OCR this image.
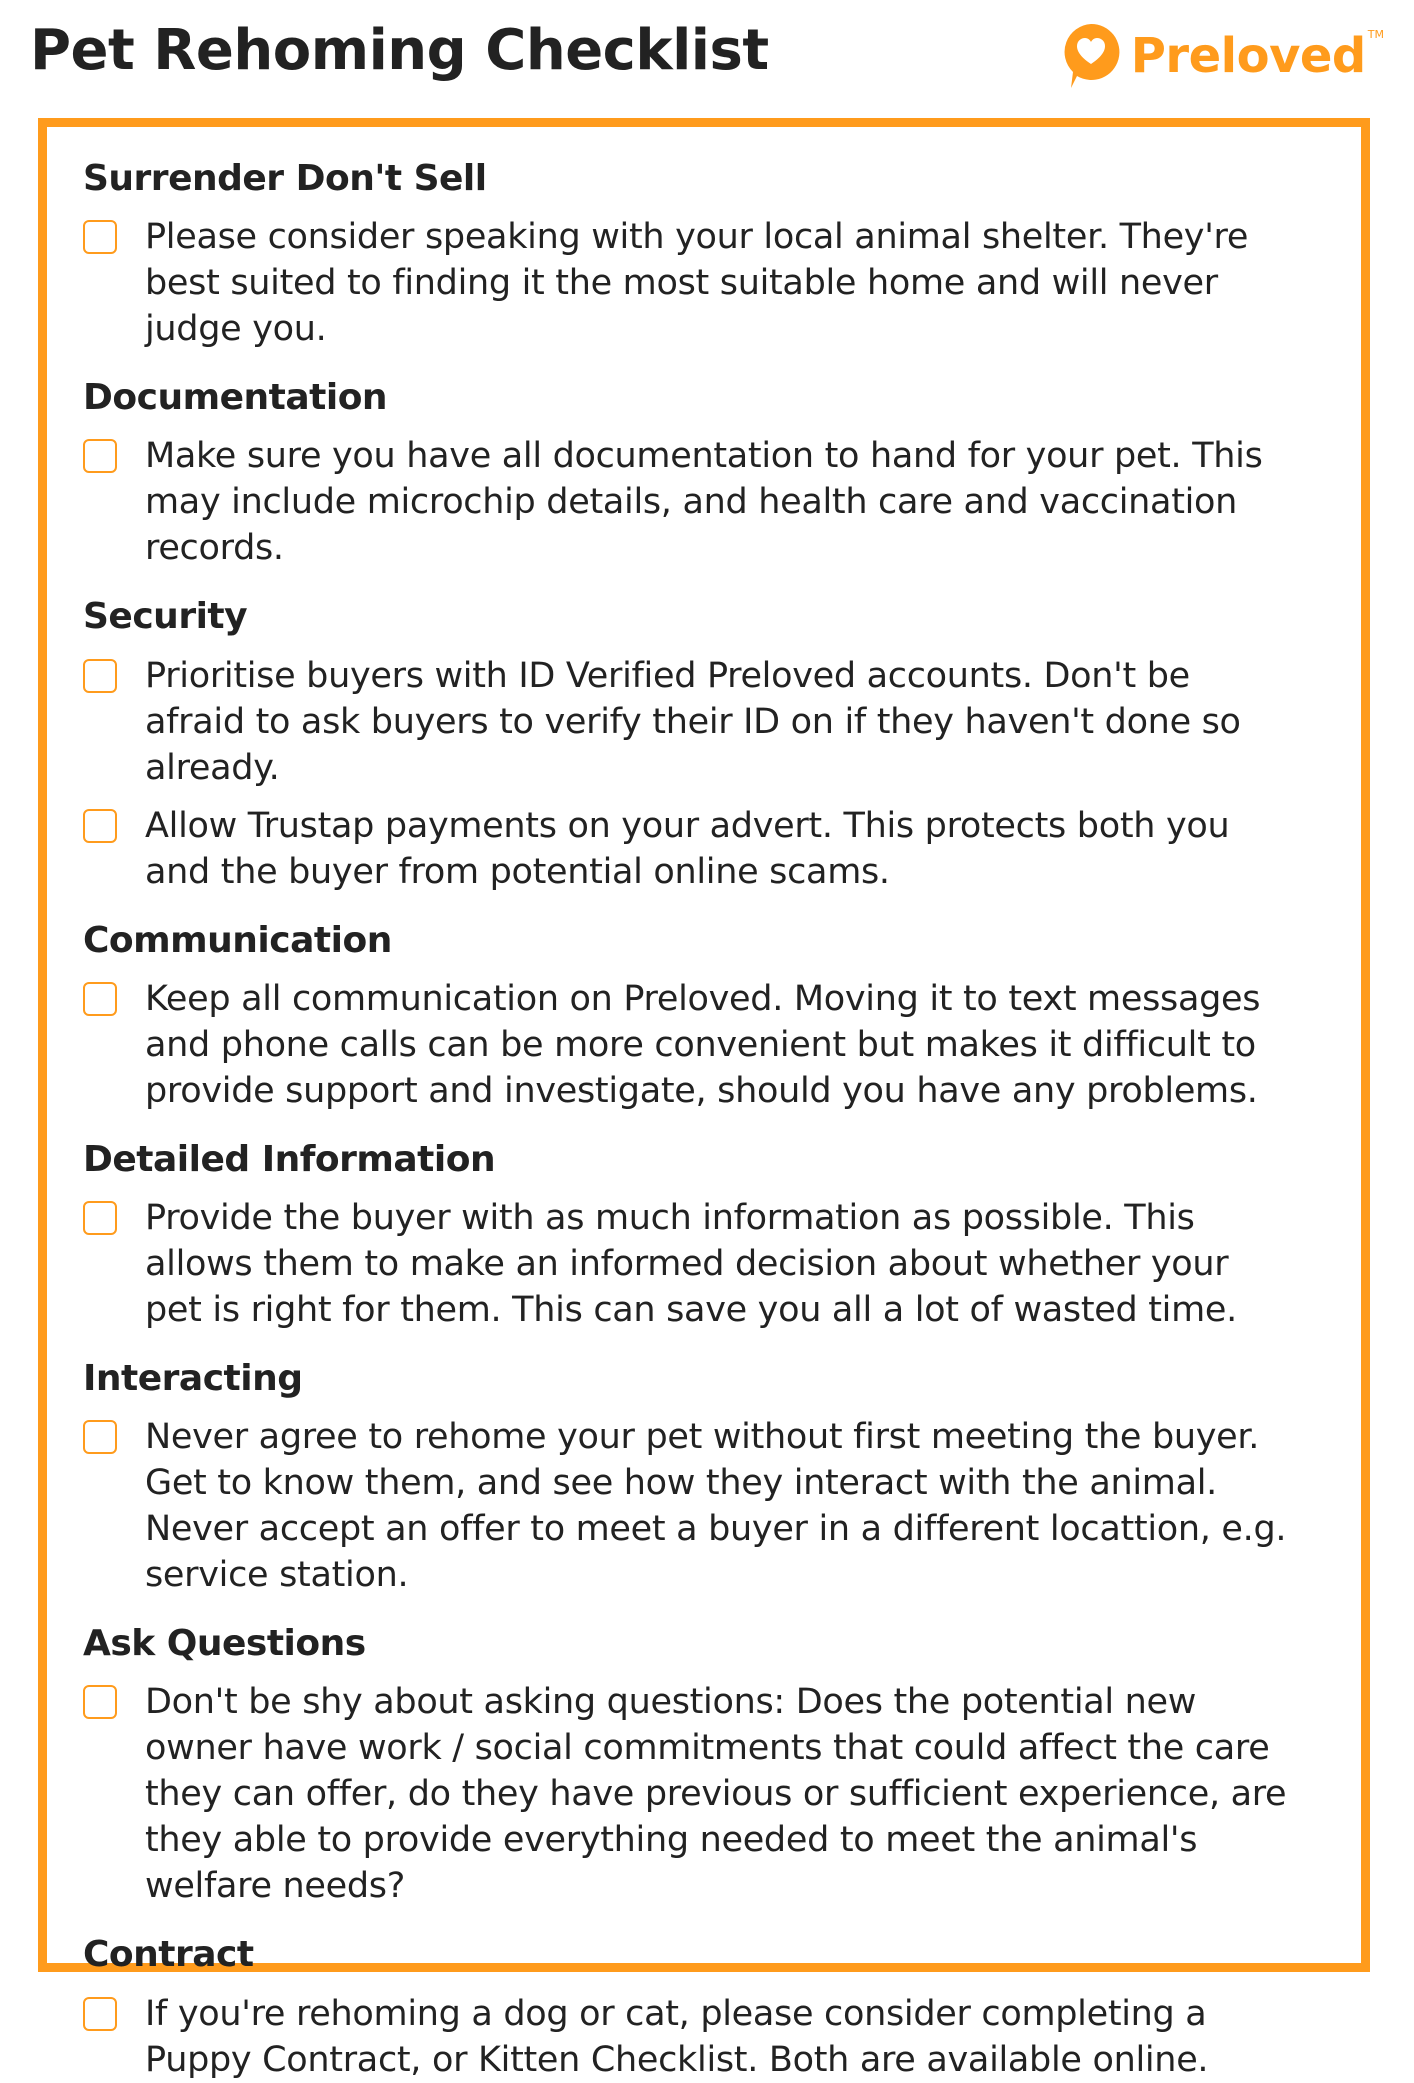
Pet Rehoming Checklist	Preloved TM
Surrender Don't Sell
Please consider speaking with your local animal shelter. They're best suited to finding it the most suitable home and will never judge you.
Documentation
Make sure you have all documentation to hand for your pet. This may include microchip details, and health care and vaccination records.
Security
Prioritise buyers with ID Verified Preloved accounts. Don't be afraid to ask buyers to verify their ID on if they haven't done so already.
Allow Trustap payments on your advert. This protects both you and the buyer from potential online scams.
Communication
Keep all communication on Preloved. Moving it to text messages and phone calls can be more convenient but makes it difficult to provide support and investigate, should you have any problems.
Detailed Information
Provide the buyer with as much information as possible. This allows them to make an informed decision about whether your pet is right for them. This can save you all a lot of wasted time.
Interacting
Never agree to rehome your pet without first meeting the buyer. Get to know them, and see how they interact with the animal. Never accept an offer to meet a buyer in a different locattion, e.g. service station.
Ask Questions
Don't be shy about asking questions: Does the potential new owner have work / social commitments that could affect the care they can offer, do they have previous or sufficient experience, are they able to provide everything needed to meet the animal's welfare needs?
Contract
If you're rehoming a dog or cat, please consider completing a Puppy Contract, or Kitten Checklist. Both are available online.
